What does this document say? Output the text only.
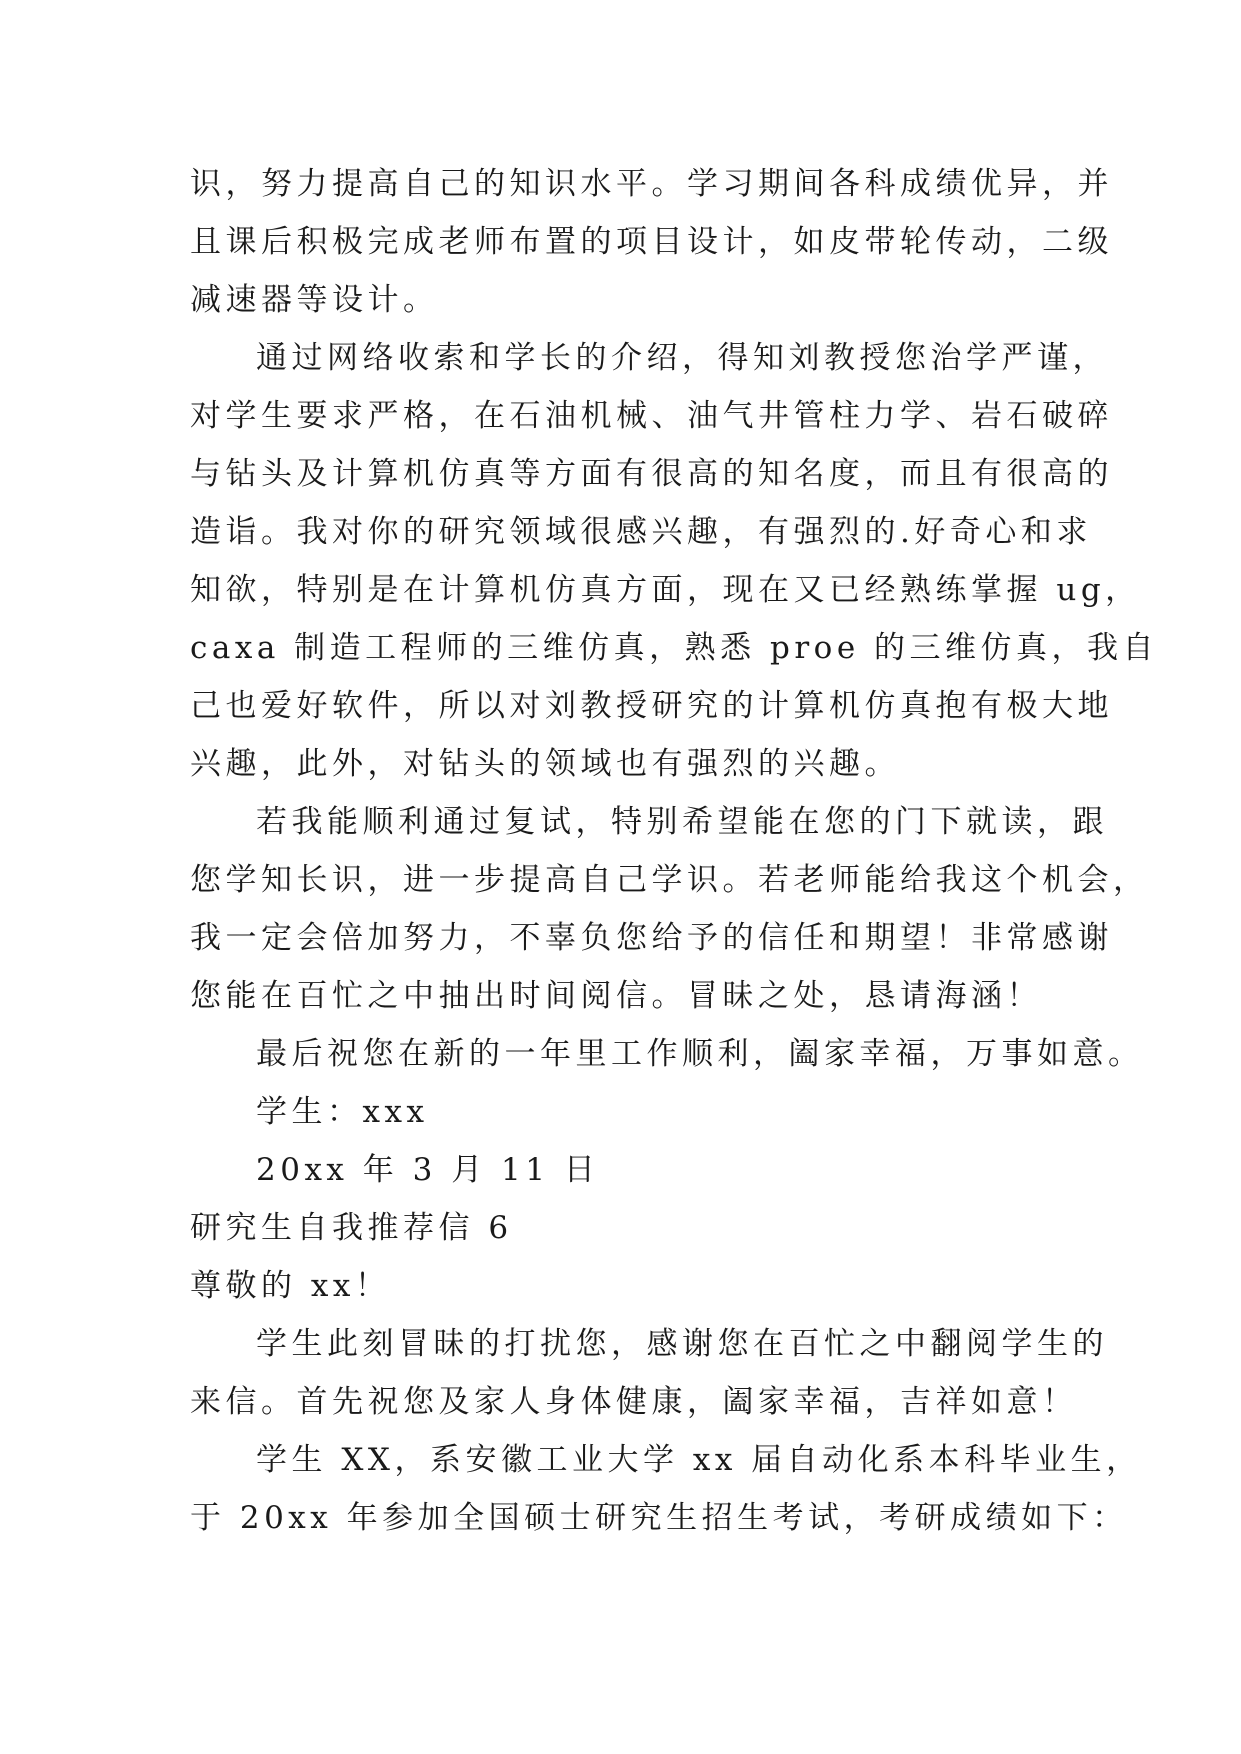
识，努力提高自己的知识水平。学习期间各科成绩优异，并
且课后积极完成老师布置的项目设计，如皮带轮传动，二级
减速器等设计。
通过网络收索和学长的介绍，得知刘教授您治学严谨，
对学生要求严格，在石油机械、油气井管柱力学、岩石破碎
与钻头及计算机仿真等方面有很高的知名度，而且有很高的
造诣。我对你的研究领域很感兴趣，有强烈的.好奇心和求
知欲，特别是在计算机仿真方面，现在又已经熟练掌握 ug，
caxa 制造工程师的三维仿真，熟悉 proe 的三维仿真，我自
己也爱好软件，所以对刘教授研究的计算机仿真抱有极大地
兴趣，此外，对钻头的领域也有强烈的兴趣。
若我能顺利通过复试，特别希望能在您的门下就读，跟
您学知长识，进一步提高自己学识。若老师能给我这个机会，
我一定会倍加努力，不辜负您给予的信任和期望！非常感谢
您能在百忙之中抽出时间阅信。冒昧之处，恳请海涵！
最后祝您在新的一年里工作顺利，阖家幸福，万事如意。
学生：xxx
20xx 年 3 月 11 日
研究生自我推荐信 6
尊敬的 xx！
学生此刻冒昧的打扰您，感谢您在百忙之中翻阅学生的
来信。首先祝您及家人身体健康，阖家幸福，吉祥如意！
学生 XX，系安徽工业大学 xx 届自动化系本科毕业生，
于 20xx 年参加全国硕士研究生招生考试，考研成绩如下：
